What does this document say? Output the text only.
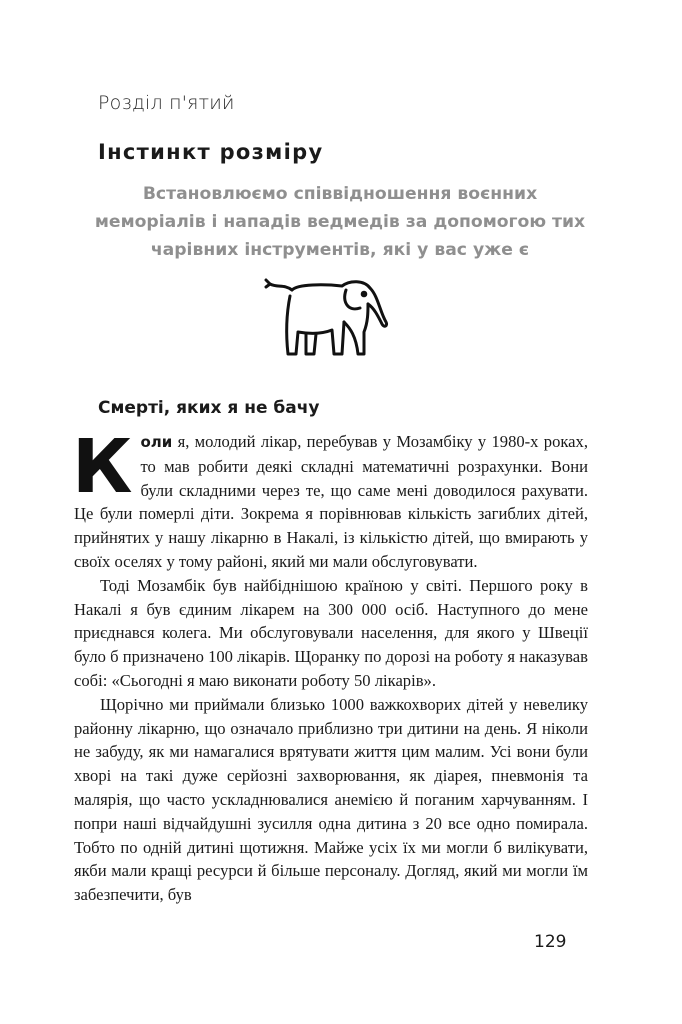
Розділ п'ятий
Інстинкт розміру
Встановлюємо співвідношення воєнних меморіалів і нападів ведмедів за допомогою тих чарівних інструментів, які у вас уже є
Смерті, яких я не бачу

Коли я, молодий лікар, перебував у Мозамбіку у 1980-х роках, то мав робити деякі складні математичні розрахунки. Вони були складними через те, що саме мені доводилося рахувати. Це були померлі діти. Зокрема я порівнював кількість загиблих дітей, прийнятих у нашу лікарню в Накалі, із кількістю дітей, що вмирають у своїх оселях у тому районі, який ми мали обслуговувати.

Тоді Мозамбік був найбіднішою країною у світі. Першого року в Накалі я був єдиним лікарем на 300 000 осіб. Наступного до мене приєднався колега. Ми обслуговували населення, для якого у Швеції було б призначено 100 лікарів. Щоранку по дорозі на роботу я наказував собі: «Сьогодні я маю виконати роботу 50 лікарів».

Щорічно ми приймали близько 1000 важкохворих дітей у невелику районну лікарню, що означало приблизно три дитини на день. Я ніколи не забуду, як ми намагалися врятувати життя цим малим. Усі вони були хворі на такі дуже серйозні захворювання, як діарея, пневмонія та малярія, що часто ускладнювалися анемією й поганим харчуванням. І попри наші відчайдушні зусилля одна дитина з 20 все одно помирала. Тобто по одній дитині щотижня. Майже усіх їх ми могли б вилікувати, якби мали кращі ресурси й більше персоналу. Догляд, який ми могли їм забезпечити, був

129
